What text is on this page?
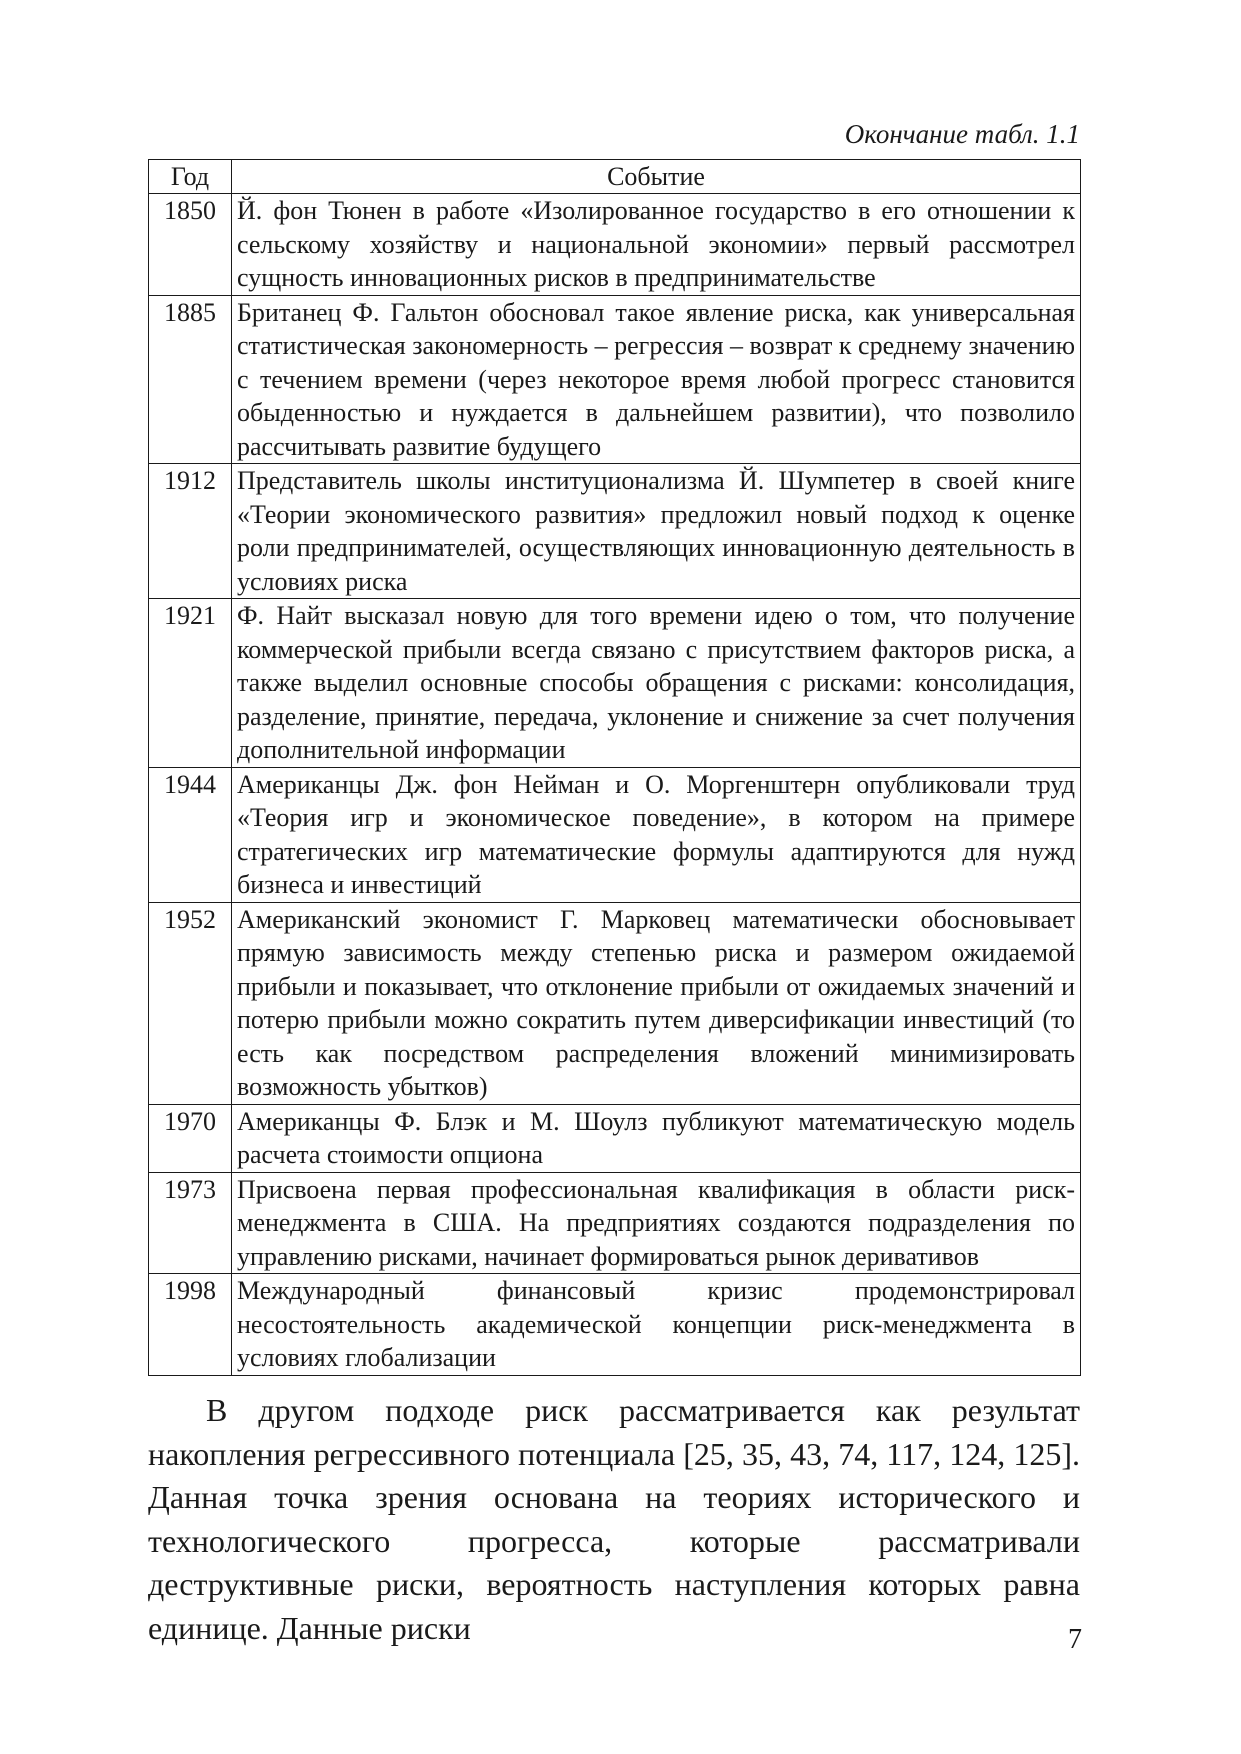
Окончание табл. 1.1
Год	Событие
1850	Й. фон Тюнен в работе «Изолированное государство в его отношении к сельскому хозяйству и национальной экономии» первый рассмотрел сущность инновационных рисков в предпринимательстве
1885	Британец Ф. Гальтон обосновал такое явление риска, как универсальная статистическая закономерность – регрессия – возврат к среднему значению с течением времени (через некоторое время любой прогресс становится обыденностью и нуждается в дальнейшем развитии), что позволило рассчитывать развитие будущего
1912	Представитель школы институционализма Й. Шумпетер в своей книге «Теории экономического развития» предложил новый подход к оценке роли предпринимателей, осуществляющих инновационную деятельность в условиях риска
1921	Ф. Найт высказал новую для того времени идею о том, что получение коммерческой прибыли всегда связано с присутствием факторов риска, а также выделил основные способы обращения с рисками: консолидация, разделение, принятие, передача, уклонение и снижение за счет получения дополнительной информации
1944	Американцы Дж. фон Нейман и О. Моргенштерн опубликовали труд «Теория игр и экономическое поведение», в котором на примере стратегических игр математические формулы адаптируются для нужд бизнеса и инвестиций
1952	Американский экономист Г. Марковец математически обосновывает прямую зависимость между степенью риска и размером ожидаемой прибыли и показывает, что отклонение прибыли от ожидаемых значений и потерю прибыли можно сократить путем диверсификации инвестиций (то есть как посредством распределения вложений минимизировать возможность убытков)
1970	Американцы Ф. Блэк и М. Шоулз публикуют математическую модель расчета стоимости опциона
1973	Присвоена первая профессиональная квалификация в области риск-менеджмента в США. На предприятиях создаются подразделения по управлению рисками, начинает формироваться рынок деривативов
1998	Международный финансовый кризис продемонстрировал несостоятельность академической концепции риск-менеджмента в условиях глобализации

В другом подходе риск рассматривается как результат накопления регрессивного потенциала [25, 35, 43, 74, 117, 124, 125]. Данная точка зрения основана на теориях исторического и технологического прогресса, которые рассматривали деструктивные риски, вероятность наступления которых равна единице. Данные риски	7
